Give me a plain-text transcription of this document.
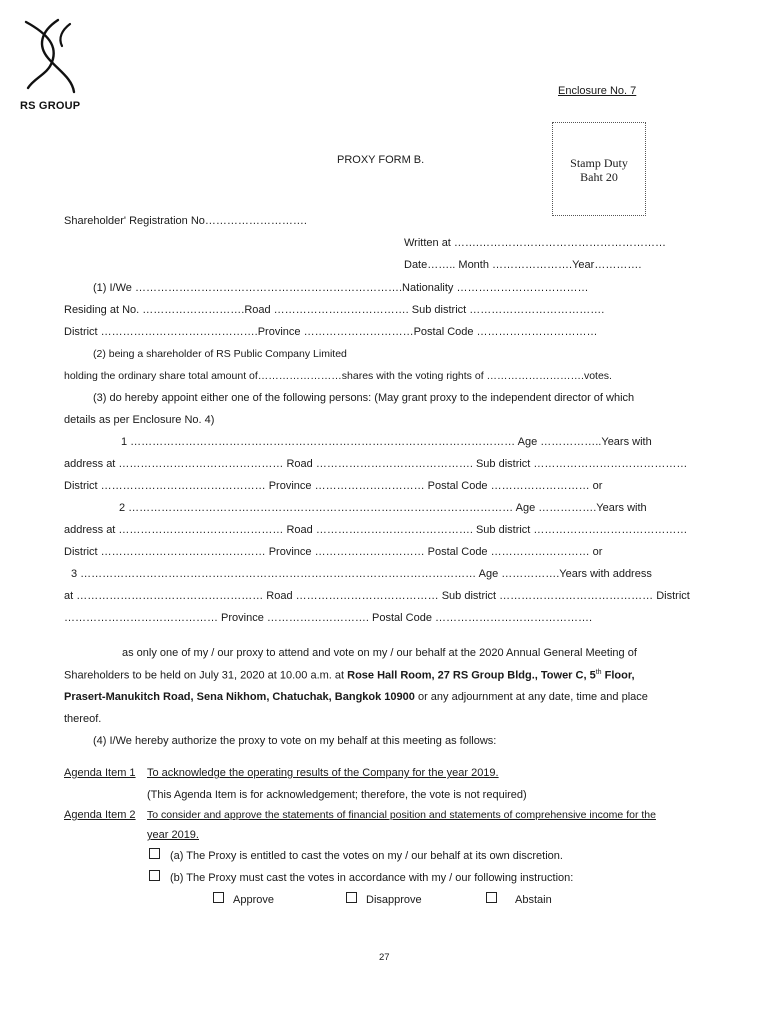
RS GROUP
Enclosure No. 7
PROXY FORM B.	Stamp Duty
Baht 20
Shareholder' Registration No……………………….
Written at …….……………………………………………
Date…….. Month ………………….Year………….
(1) I/We ……………………………………………………………….Nationality ………………………………
Residing at No. ……………………….Road ………………………………. Sub district ……………………………….
District …………………………………….Province …………………………Postal Code ……………………………
(2) being a shareholder of RS Public Company Limited
holding the ordinary share total amount of……………………shares with the voting rights of ……………………….votes.
(3) do hereby appoint either one of the following persons: (May grant proxy to the independent director of which
details as per Enclosure No. 4)
1 …………………………………………………………………………………………… Age ……………..Years with
address at ……………………………………… Road ……………………………………. Sub district ……………………………………
District ……………………………………… Province ………………………… Postal Code ……………………… or
2 …………………………………………………………………………………………… Age …………….Years with
address at ……………………………………… Road ……………………………………. Sub district ……………………………………
District ……………………………………… Province ………………………… Postal Code ……………………… or
3 ……………………………………………………………………………………………… Age …………….Years with address
at …………………………………………… Road ………………………………… Sub district …………………………………… District
…………………………………… Province ………………………. Postal Code …………………………………….
as only one of my / our proxy to attend and vote on my / our behalf at the 2020 Annual General Meeting of
Shareholders to be held on July 31, 2020 at 10.00 a.m. at Rose Hall Room, 27 RS Group Bldg., Tower C, 5th Floor,
Prasert-Manukitch Road, Sena Nikhom, Chatuchak, Bangkok 10900 or any adjournment at any date, time and place
thereof.
(4) I/We hereby authorize the proxy to vote on my behalf at this meeting as follows:
Agenda Item 1 To acknowledge the operating results of the Company for the year 2019.
(This Agenda Item is for acknowledgement; therefore, the vote is not required)
Agenda Item 2 To consider and approve the statements of financial position and statements of comprehensive income for the
year 2019.
(a) The Proxy is entitled to cast the votes on my / our behalf at its own discretion.
(b) The Proxy must cast the votes in accordance with my / our following instruction:
Approve	Disapprove	Abstain
27
